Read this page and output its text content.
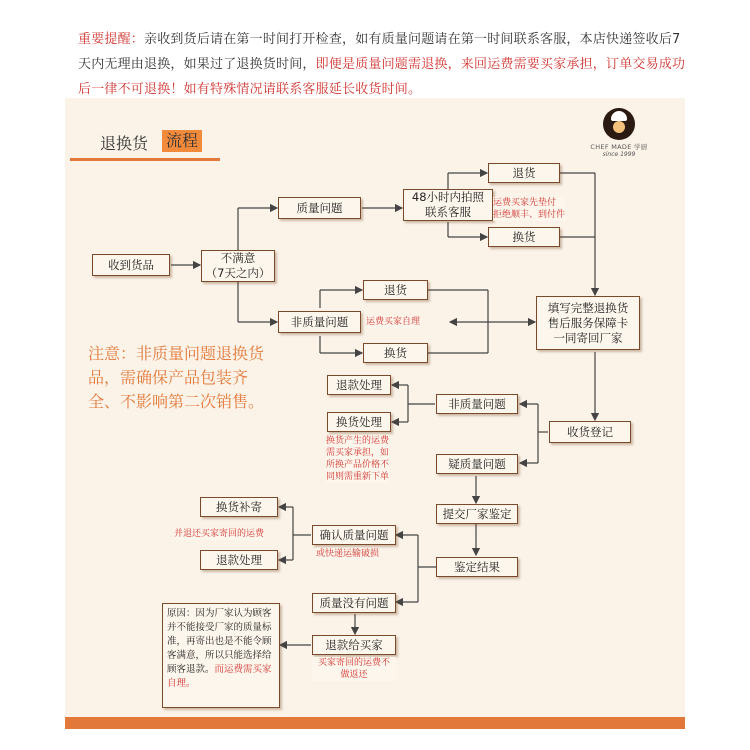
重要提醒：亲收到货后请在第一时间打开检查，如有质量问题请在第一时间联系客服，本店快递签收后7天内无理由退换，如果过了退换货时间，即便是质量问题需退换，来回运费需要买家承担，订单交易成功后一律不可退换！如有特殊情况请联系客服延长收货时间。
退换货 流程	CHEF MADE 学厨
since 1999
收到货品	不满意
（7天之内）
质量问题
非质量问题
48小时内拍照
联系客服
退货
换货
退货
换货
填写完整退换货
售后服务保障卡
一同寄回厂家
退款处理
换货处理
非质量问题
疑质量问题
收货登记
提交厂家鉴定
鉴定结果
换货补寄
退款处理
确认质量问题
质量没有问题
退款给买家
原因：因为厂家认为顾客并不能接受厂家的质量标准，再寄出也是不能令顾客满意，所以只能选择给顾客退款。而运费需买家自理。
运费买家先垫付
拒绝顺丰、到付件
运费买家自理
换货产生的运费
需买家承担，如
所换产品价格不
同则需重新下单
并退还买家寄回的运费
或快递运输破损
买家寄回的运费不
做返还
注意：非质量问题退换货品，需确保产品包装齐全、不影响第二次销售。
